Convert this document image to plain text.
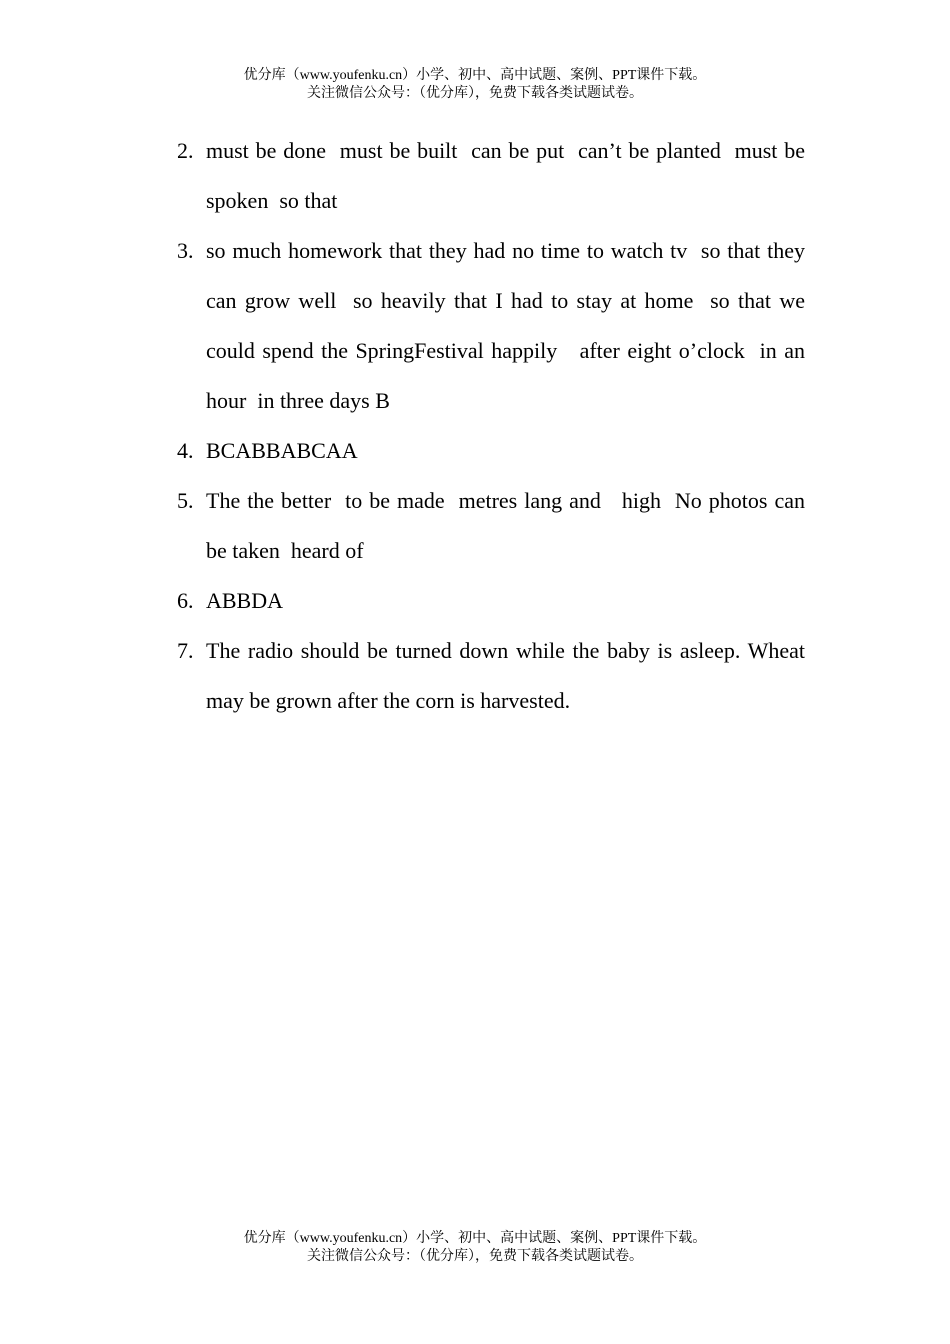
优分库（www.youfenku.cn）小学、初中、高中试题、案例、PPT课件下载。
关注微信公众号：（优分库），免费下载各类试题试卷。
2. must be done  must be built  can be put  can’t be planted  must be spoken  so that
3. so much homework that they had no time to watch tv  so that they can grow well  so heavily that I had to stay at home  so that we could spend the SpringFestival happily   after eight o’clock  in an hour  in three days B
4. BCABBABCAA
5. The the better  to be made  metres lang and   high  No photos can be taken  heard of
6. ABBDA
7. The radio should be turned down while the baby is asleep. Wheat may be grown after the corn is harvested.
优分库（www.youfenku.cn）小学、初中、高中试题、案例、PPT课件下载。
关注微信公众号：（优分库），免费下载各类试题试卷。
